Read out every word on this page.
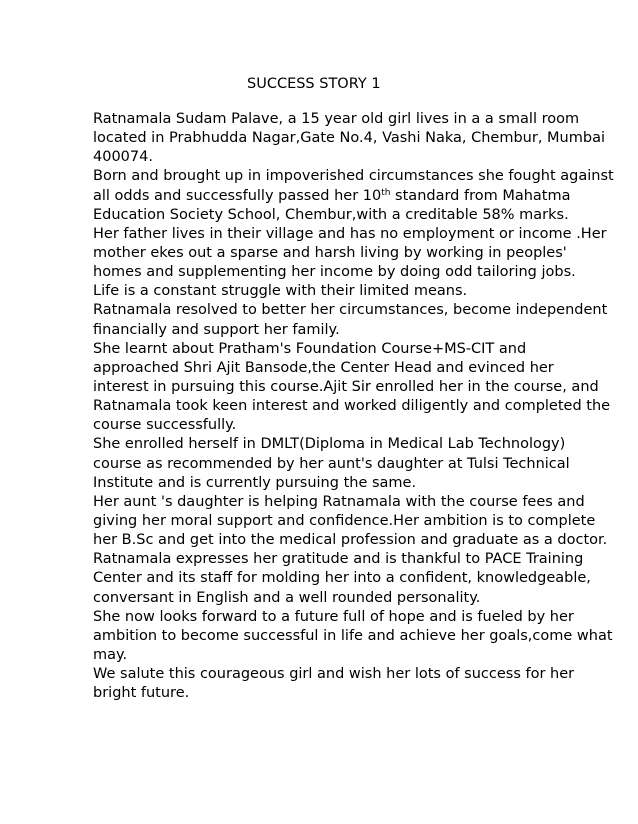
SUCCESS STORY 1
Ratnamala Sudam Palave, a 15 year old girl lives in a a small room
located in Prabhudda Nagar,Gate No.4, Vashi Naka, Chembur, Mumbai
400074.
Born and brought up in impoverished circumstances she fought against
all odds and successfully passed her 10th standard from Mahatma
Education Society School, Chembur,with a creditable 58% marks.
Her father lives in their village and has no employment or income .Her
mother ekes out a sparse and harsh living by working in peoples'
homes and supplementing her income by doing odd tailoring jobs.
Life is a constant struggle with their limited means.
Ratnamala resolved to better her circumstances, become independent
financially and support her family.
She learnt about Pratham's Foundation Course+MS-CIT and
approached Shri Ajit Bansode,the Center Head and evinced her
interest in pursuing this course.Ajit Sir enrolled her in the course, and
Ratnamala took keen interest and worked diligently and completed the
course successfully.
She enrolled herself in DMLT(Diploma in Medical Lab Technology)
course as recommended by her aunt's daughter at Tulsi Technical
Institute and is currently pursuing the same.
Her aunt 's daughter is helping Ratnamala with the course fees and
giving her moral support and confidence.Her ambition is to complete
her B.Sc and get into the medical profession and graduate as a doctor.
Ratnamala expresses her gratitude and is thankful to PACE Training
Center and its staff for molding her into a confident, knowledgeable,
conversant in English and a well rounded personality.
She now looks forward to a future full of hope and is fueled by her
ambition to become successful in life and achieve her goals,come what
may.
We salute this courageous girl and wish her lots of success for her
bright future.
